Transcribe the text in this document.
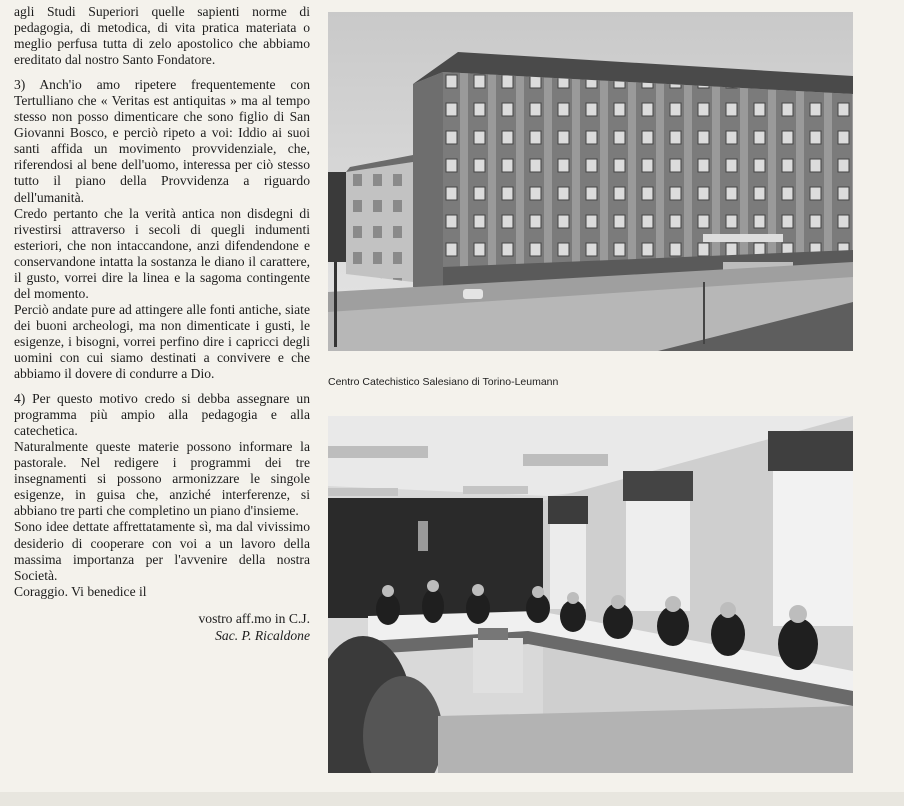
agli Studi Superiori quelle sapienti norme di pedagogia, di metodica, di vita pratica materiata o meglio perfusa tutta di zelo apostolico che abbiamo ereditato dal nostro Santo Fondatore.

3) Anch'io amo ripetere frequentemente con Tertulliano che « Veritas est antiquitas » ma al tempo stesso non posso dimenticare che sono figlio di San Giovanni Bosco, e perciò ripeto a voi: Iddio ai suoi santi affida un movimento provvidenziale, che, riferendosi al bene dell'uomo, interessa per ciò stesso tutto il piano della Provvidenza a riguardo dell'umanità.

Credo pertanto che la verità antica non disdegni di rivestirsi attraverso i secoli di quegli indumenti esteriori, che non intaccandone, anzi difendendone e conservandone intatta la sostanza le diano il carattere, il gusto, vorrei dire la linea e la sagoma contingente del momento.

Perciò andate pure ad attingere alle fonti antiche, siate dei buoni archeologi, ma non dimenticate i gusti, le esigenze, i bisogni, vorrei perfino dire i capricci degli uomini con cui siamo destinati a convivere e che abbiamo il dovere di condurre a Dio.

4) Per questo motivo credo si debba assegnare un programma più ampio alla pedagogia e alla catechetica.

Naturalmente queste materie possono informare la pastorale. Nel redigere i programmi dei tre insegnamenti si possono armonizzare le singole esigenze, in guisa che, anziché interferenze, si abbiano tre parti che completino un piano d'insieme.

Sono idee dettate affrettatamente sì, ma dal vivissimo desiderio di cooperare con voi a un lavoro della massima importanza per l'avvenire della nostra Società.

Coraggio. Vi benedice il

vostro aff.mo in C.J.
Sac. P. Ricaldone
Centro Catechistico Salesiano di Torino-Leumann
